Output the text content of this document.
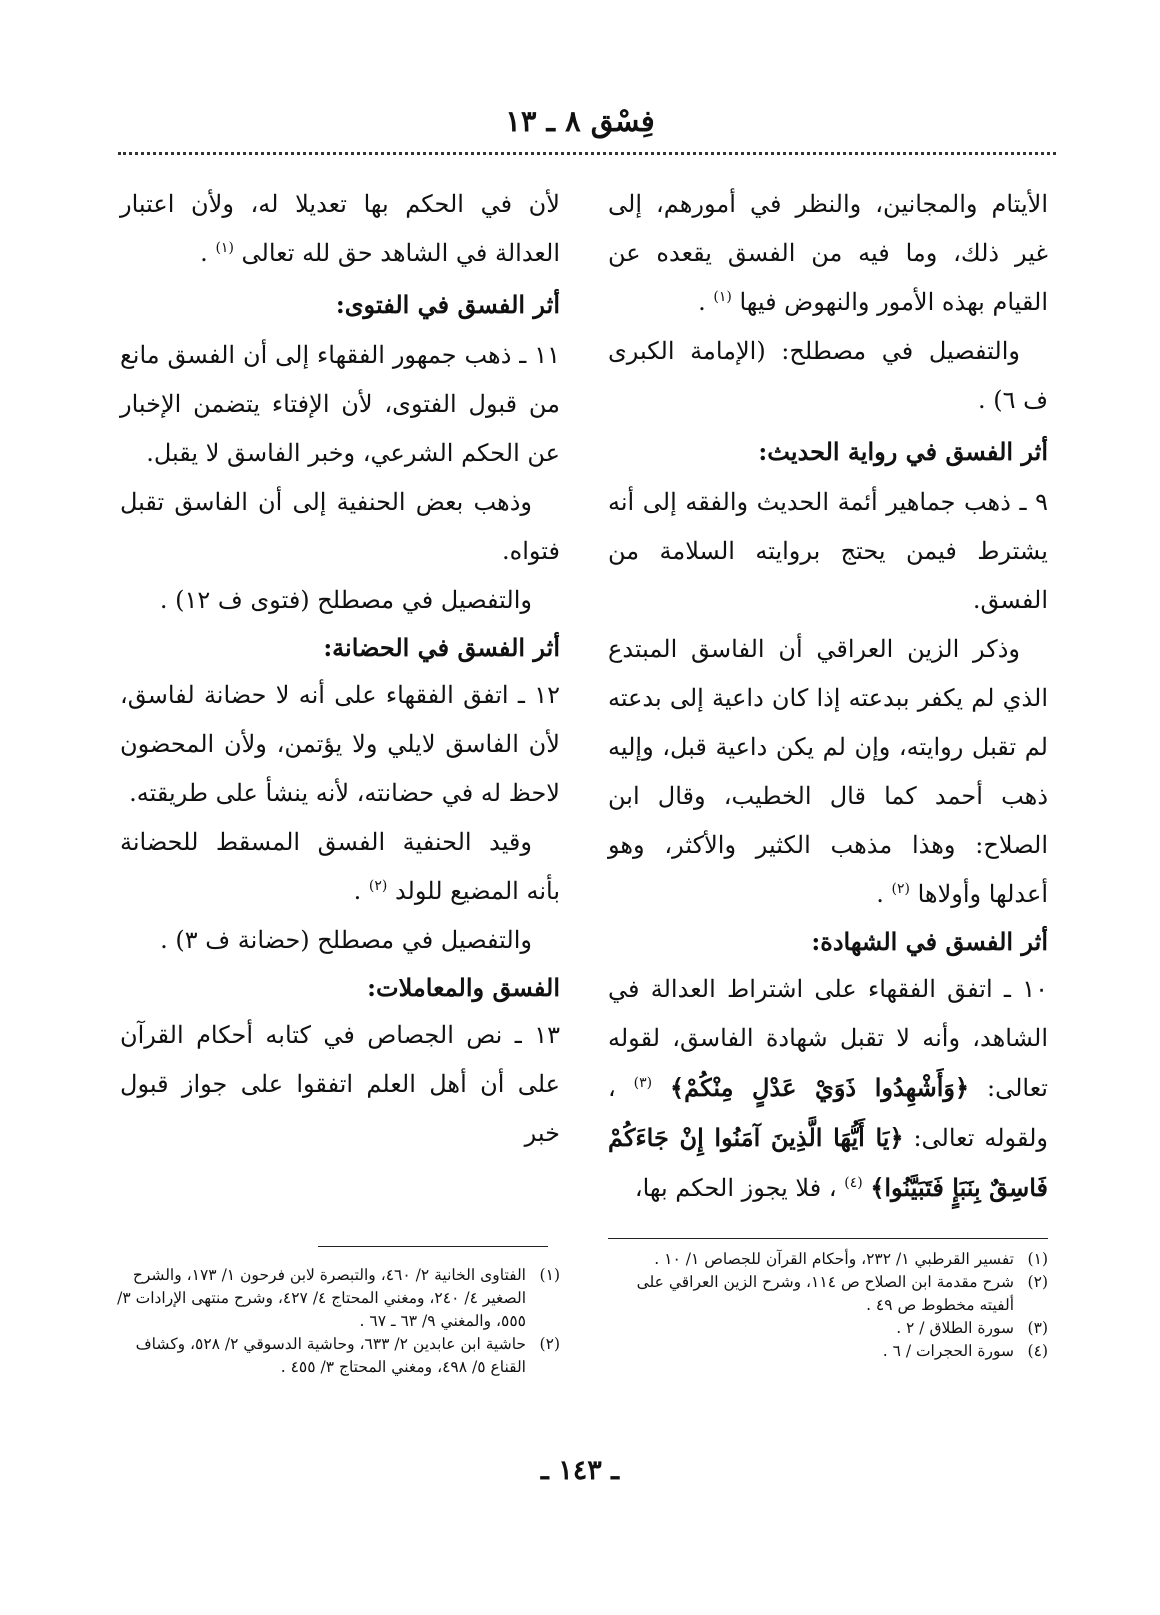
فِسْق ٨ ـ ١٣

الأيتام والمجانين، والنظر في أمورهم، إلى غير ذلك، وما فيه من الفسق يقعده عن القيام بهذه الأمور والنهوض فيها $^{(١)}$ .

والتفصيل في مصطلح: (الإمامة الكبرى ف ٦) .

أثر الفسق في رواية الحديث:

٩ ـ ذهب جماهير أئمة الحديث والفقه إلى أنه يشترط فيمن يحتج بروايته السلامة من الفسق.

وذكر الزين العراقي أن الفاسق المبتدع الذي لم يكفر ببدعته إذا كان داعية إلى بدعته لم تقبل روايته، وإن لم يكن داعية قبل، وإليه ذهب أحمد كما قال الخطيب، وقال ابن الصلاح: وهذا مذهب الكثير والأكثر، وهو أعدلها وأولاها $^{(٢)}$ .

أثر الفسق في الشهادة:

١٠ ـ اتفق الفقهاء على اشتراط العدالة في الشاهد، وأنه لا تقبل شهادة الفاسق، لقوله تعالى: ﴿وَأَشْهِدُوا ذَوَيْ عَدْلٍ مِنْكُمْ﴾ $^{(٣)}$ ، ولقوله تعالى: ﴿يَا أَيُّهَا الَّذِينَ آمَنُوا إِنْ جَاءَكُمْ فَاسِقٌ بِنَبَإٍ فَتَبَيَّنُوا﴾ $^{(٤)}$ ، فلا يجوز الحكم بها،

لأن في الحكم بها تعديلا له، ولأن اعتبار العدالة في الشاهد حق لله تعالى $^{(١)}$ .

أثر الفسق في الفتوى:

١١ ـ ذهب جمهور الفقهاء إلى أن الفسق مانع من قبول الفتوى، لأن الإفتاء يتضمن الإخبار عن الحكم الشرعي، وخبر الفاسق لا يقبل.

وذهب بعض الحنفية إلى أن الفاسق تقبل فتواه.

والتفصيل في مصطلح (فتوى ف ١٢) .

أثر الفسق في الحضانة:

١٢ ـ اتفق الفقهاء على أنه لا حضانة لفاسق، لأن الفاسق لايلي ولا يؤتمن، ولأن المحضون لاحظ له في حضانته، لأنه ينشأ على طريقته.

وقيد الحنفية الفسق المسقط للحضانة بأنه المضيع للولد $^{(٢)}$ .

والتفصيل في مصطلح (حضانة ف ٣) .

الفسق والمعاملات:

١٣ ـ نص الجصاص في كتابه أحكام القرآن على أن أهل العلم اتفقوا على جواز قبول خبر

(١)
تفسير القرطبي ١/ ٢٣٢، وأحكام القرآن للجصاص ١/ ١٠ .
(٢)
شرح مقدمة ابن الصلاح ص ١١٤، وشرح الزين العراقي على ألفيته مخطوط ص ٤٩ .
(٣)
سورة الطلاق / ٢ .
(٤)
سورة الحجرات / ٦ .
(١)
الفتاوى الخانية ٢/ ٤٦٠، والتبصرة لابن فرحون ١/ ١٧٣، والشرح الصغير ٤/ ٢٤٠، ومغني المحتاج ٤/ ٤٢٧، وشرح منتهى الإرادات ٣/ ٥٥٥، والمغني ٩/ ٦٣ ـ ٦٧ .
(٢)
حاشية ابن عابدين ٢/ ٦٣٣، وحاشية الدسوقي ٢/ ٥٢٨، وكشاف القناع ٥/ ٤٩٨، ومغني المحتاج ٣/ ٤٥٥ .
ـ ١٤٣ ـ
